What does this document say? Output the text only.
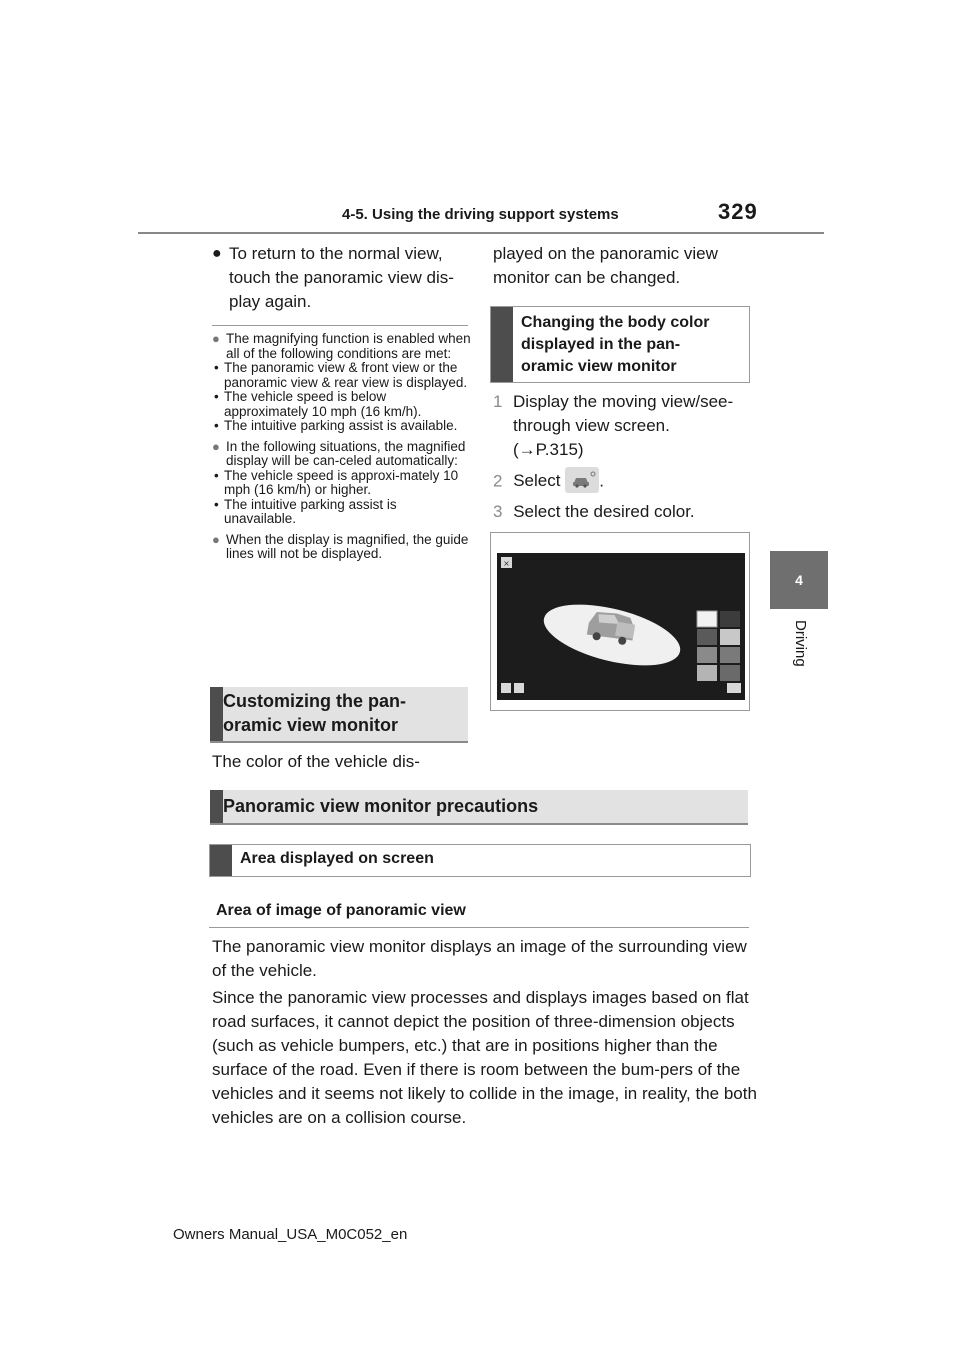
4-5. Using the driving support systems	329
4
Driving
● To return to the normal view, touch the panoramic view dis-play again.
● The magnifying function is enabled when all of the following conditions are met:
• The panoramic view & front view or the panoramic view & rear view is displayed.
• The vehicle speed is below approximately 10 mph (16 km/h).
• The intuitive parking assist is available.
● In the following situations, the magnified display will be can-celed automatically:
• The vehicle speed is approxi-mately 10 mph (16 km/h) or higher.
• The intuitive parking assist is unavailable.
● When the display is magnified, the guide lines will not be displayed.
Customizing the pan-
oramic view monitor
The color of the vehicle dis-
played on the panoramic view monitor can be changed.
Changing the body color
displayed in the pan-
oramic view monitor
1 Display the moving view/see-
through view screen.
(→P.315)
2 Select .
3 Select the desired color.
×
Panoramic view monitor precautions
Area displayed on screen
Area of image of panoramic view
The panoramic view monitor displays an image of the surrounding view of the vehicle.
Since the panoramic view processes and displays images based on flat road surfaces, it cannot depict the position of three-dimension objects (such as vehicle bumpers, etc.) that are in positions higher than the surface of the road. Even if there is room between the bum-pers of the vehicles and it seems not likely to collide in the image, in reality, the both vehicles are on a collision course.
Owners Manual_USA_M0C052_en
